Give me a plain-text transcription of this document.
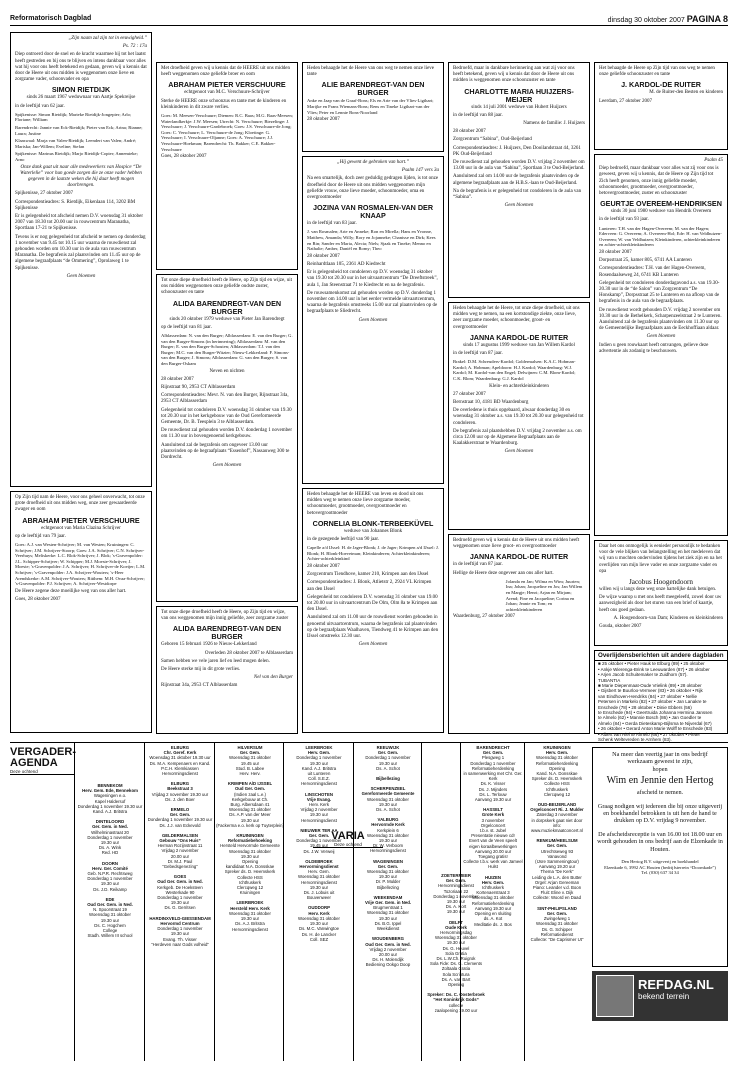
Reformatorisch Dagblad	dinsdag 30 oktober 2007 PAGINA 8

„Zijn naam zal zijn tot in eeuwigheid.”

Ps. 72 : 17a

Diep ontroerd door de snel en de kracht waarmee hij tot het laatst heeft gestreden en bij ons te blijven en intens dankbaar voor alles wat hij voor ons heeft betekend en gedaan, geven wij u kennis dat door de Heere uit ons midden is weggenomen onze lieve en zorgzame vader, schoonvader en opa

SIMON RIETDIJK

sinds 26 maart 1967 weduwnaar van Aartje Spekreijse

in de leeftijd van 62 jaar.

Spijkenisse: Simon Rietdijk; Marieke Rietdijk-Jongepier; Arlo; Floriane; William

Barendrecht: Jannie van Eck-Rietdijk; Pieter van Eck; Arina; Rianne; Laura; Justine

Klaaswaal: Marja van Valen-Rietdijk; Leendert van Valen; André; Mariska; Jan-Willem; Eveline; Stefan

Spijkenisse: Marinus Rietdijk; Marjo Rietdijk-Copier; Annemieke; Arno

Onze dank gaat uit naar alle medewerkers van Hospice “De Waterlelie” voor hun goede zorgen die ze onze vader hebben gegeven in de laatste weken die hij daar heeft mogen doorbrengen.

Spijkenisse, 27 oktober 2007

Correspondentieadres: S. Rietdijk, Eikenlaan 114, 3202 BM Spijkenisse

Er is gelegenheid tot afscheid nemen D.V. woensdag 31 oktober 2007 van 18.30 tot 20.00 uur in rouwcentrum Maranatha, Sportlaan 17-21 te Spijkenisse.

Tevens is er nog gelegenheid tot afscheid te nemen op donderdag 1 november van 9.45 tot 10.15 uur waarna de rouwdienst zal gehouden worden om 10.30 uur in de aula van rouwcentrum Maranatha. De begrafenis zal plaatsvinden om 11.45 uur op de algemene begraafplaats “de Ommering”, Oprolaweg 1 te Spijkenisse.

Geen bloemen

Op Zijn tijd nam de Heere, voor ons geheel onverwacht, tot onze grote droefheid uit ons midden weg, onze zeer gewaardeerde zwager en oom

ABRAHAM PIETER VERSCHUURE

echtgenoot van Maria Clazina Schrijver

op de leeftijd van 79 jaar.

Goes: A.J. van Westen-Schrijver; M. van Westen; Kruiningen: C. Schrijver; J.M. Schrijver-Stoorp; Goes: J.A. Schrijver; C.N. Schrijver-Veerhuys; Meliskerke: L.C. Blok-Schrijver; J. Blok; 's-Gravenpolder: J.L. Schipper-Schrijver; W. Schipper; M.J. Moeste-Schrijver; J. Moeste; 's-Gravenpolder: J.A. Schrijver; H. Schrijver-de Koeijer; L.M. Schrijver; 's-Gravenpolder: J.A. Schrijver-Wouters; 's-Heer Arendskerke: A.M. Schrijver-Wouters; Ritthem: M.H. Ovaa-Schrijver; 's-Gravenpolder: P.J. Schrijver; A. Schrijver-Westdorpe

De Heere zegene deze moeilijke weg van ons aller hart.

Goes, 28 oktober 2007

Met droefheid geven wij u kennis dat de HEERE uit ons midden heeft weggenomen onze geliefde broer en oom

ABRAHAM PIETER VERSCHUURE

echtgenoot van M.C. Verschuure-Schrijver

Sterke de HEERE onze schoonzus en tante met de kinderen en kleinkinderen in dit zware verlies.

Goes: M. Meesen-Verschuure; Diemen: R.C. Baas; M.G. Baas-Meesen; Waterlandkerkje: J.W. Meesen; Utrecht: N. Verschuure; Biezelinge: J. Verschuure; J. Verschuure-Gardebroek; Goes: J.S. Verschuure-de Jong; Goes: C. Verschuure; L. Verschuure-de Jong; Kloetinge: G. Verschuure; I. Verschuure-Oljanne; Goes: A. Verschuure; J.J. Verschuure-Hoekman; Barendrecht: Th. Bakker; C.E. Bakker-Verschuure

Goes, 28 oktober 2007

Tot onze diepe droefheid heeft de Heere, op Zijn tijd en wijze, uit ons midden weggenomen onze geliefde oudste zuster, schoonzuster en tante

ALIDA BARENDREGT-VAN DEN BURGER

sinds 20 oktober 1979 weduwe van Pieter Jan Barendregt

op de leeftijd van 81 jaar.

Alblasserdam: N. van den Burger; Alblasserdam: E. van den Burger; G. van den Burger-Simons (in herinnering); Alblasserdam: M. van den Burger; E. van den Burger-Schouten; Alblasserdam: T.J. van den Burger; M.C. van den Burger-Witzier; Nieuw-Lekkerland: F. Simons-van den Burger; J. Simons; Alblasserdam: G. van den Burger; S. van den Burger-Oskam

Neven en nichten

28 oktober 2007

Rijnstraat 90, 2953 CT Alblasserdam

Correspondentieadres: Mevr. N. van den Burger, Rijnstraat 34a, 2953 CT Alblasserdam

Gelegenheid tot condoleren D.V. woensdag 31 oktober van 19.30 tot 20.30 uur in het kerkgebouw van de Oud Gereformeerde Gemeente, Dr. B. Teesplein 3 te Alblasserdam.

De rouwdienst zal gehouden worden D.V. donderdag 1 november om 11.30 uur in bovengenoemd kerkgebouw.

Aansluitend zal de begrafenis om ongeveer 13.00 uur plaatsvinden op de begraafplaats “Essenhof”, Nassauweg 300 te Dordrecht.

Geen bloemen

Tot onze diepe droefheid heeft de Heere, op Zijn tijd en wijze, van ons weggenomen mijn innig geliefde, zeer zorgzame zuster

ALIDA BARENDREGT-VAN DEN BURGER

Geboren 15 februari 1926 te Nieuw-Lekkerland

Overleden 28 oktober 2007 te Alblasserdam

Samen hebben we vele jaren lief en leed mogen delen.

De Heere sterke mij in dit grote verlies.

Nel van den Burger

Rijnstraat 34a, 2953 CT Alblasserdam

Heden behaagde het de Heere van ons weg te nemen onze lieve tante

ALIE BARENDREGT-VAN DEN BURGER

Anke en Jaap van de Graaf-Bons; Els en Arie van der Vlies-Ligthart; Marijke en Frans Wiemans-Bons; Rens en Tineke Ligthart-van der Vlies; Peter en Lennie Bons-Noorland

28 oktober 2007

„Hij gewent de gebroken van hart.”

Psalm 147 vers 3a

Na een smartelijk, doch zeer geduldig gedragen lijden, is tot onze droefheid door de Heere uit ons midden weggenomen mijn geliefde vrouw, onze lieve moeder, schoonmoeder, oma en overgrootmoeder

JOZINA VAN ROSMALEN-VAN DER KNAAP

in de leeftijd van 83 jaar.

J. van Rosmalen; Arie en Anneke; Ron en Mirella; Hans en Yvonne, Matthew, Amanda; Willy; Rory en Jojanneke; Chanisse en Dirk; Kees en Rin; Sander en Maria, Alecia; Niels; Sjaak en Tineke; Menno en Nathalie; Amber, Daniël en Romy; Theo

28 oktober 2007

Reinhardtlaan 105, 2361 AD Kiedrecht

Er is gelegenheid tot condoleren op D.V. woensdag 31 oktober van 19.30 tot 20.30 uur in het uitvaartcentrum “De Dreeftstreek”, aula 1, Jan Steenstraat 71 te Kiedrecht en na de begrafenis.

De rouwsamenkomst zal gehouden worden op D.V. donderdag 1 november om 14.00 uur in het eerder vermelde uitvaartcentrum, waarna de begrafenis omstreeks 15.00 uur zal plaatsvinden op de begraafplaats te Sliedrecht.

Geen bloemen

Heden behaagde het de HEERE van leven en dood uit ons midden weg te nemen onze lieve zorgzame moeder, schoonmoeder, grootmoeder, overgrootmoeder en betovergrootmoeder

CORNELIA BLONK-TERBEEKÜVEL

weduwe van Johannes Blonk

in de gezegende leeftijd van 90 jaar.

Capelle a/d IJssel: H. de Jager-Blonk; J. de Jager; Krimpen a/d IJssel: J. Blonk; H. Blonk-Hoeveiman; Kleinkinderen; Achterkleinkinderen; Achter-achterkleinkind

28 oktober 2007

Zorgcentrum Tiendhove, kamer 210, Krimpen aan den IJssel

Correspondentieadres: J. Blonk, Atlietstr 2, 2924 VL Krimpen aan den IJssel

Gelegenheid tot condoleren D.V. woensdag 31 oktober van 19.00 tot 20.00 uur in uitvaartcentrum De Olm, Olm 8a te Krimpen aan den IJssel.

Aansluitend zal om 11.00 uur de rouwdienst worden gehouden in genoemd uitvaartcentrum, waarna de begrafenis zal plaatsvinden op de begraafplaats Waalhaven, Tiendweg 41 te Krimpen aan den IJssel omstreeks 12.30 uur.

Geen bloemen

Bedroefd, maar in dankbare herinnering aan wat zij voor ons heeft betekend, geven wij u kennis dat door de Heere uit ons midden is weggenomen onze schoonzuster en tante

CHARLOTTE MARIA HUIJZERS-MEIJER

sinds 14 juli 2001 weduwe van Hubert Huijzers

in de leeftijd van 88 jaar.

Namens de familie: J. Huijzers

28 oktober 2007

Zorgcentrum “Sabina”, Oud-Beijerland

Correspondentieadres: J. Huijzers, Den Dooilandstraat 44, 3261 PK Oud-Beijerland

De rouwdienst zal gehouden worden D.V. vrijdag 2 november om 13.00 uur in de aula van “Sabina”, Sportlaan 3 te Oud-Beijerland.

Aansluitend zal om 14.00 uur de begrafenis plaatsvinden op de algemene begraafplaats aan de H.B.S.-laan te Oud-Beijerland.

Na de begrafenis is er gelegenheid tot condoleren in de aula van “Sabina”.

Geen bloemen

Heden behaagde het de Heere, tot onze diepe droefheid, uit ons midden weg te nemen, na een kortstondige ziekte, onze lieve, zeer zorgzame moeder, schoonmoeder, groot- en overgrootmoeder

JANNA KARDOL-DE RUITER

sinds 17 augustus 1999 weduwe van Jan Willem Kardol

in de leeftijd van 87 jaar.

Brakel: D.M. Schreuders-Kardol; Goldermalsen: K.A.C. Hobman-Kardol; A. Hobman; Apeldoorn: H.J. Kardol; Waardenburg: W.J. Kardol; M. Kardol-van den Engel; Delwijnen: C.M. Blom-Kardol; C.K. Blom; Waardenburg: G.J. Kardol

Klein- en achterkleinkinderen

27 oktober 2007

Bernstraat 10, 4181 BD Waardenburg

De overledene is thuis opgebaard, alwaar donderdag 30 en woensdag 31 oktober a.s. van 19.30 tot 20.30 uur gelegenheid tot condoleren.

De begrafenis zal plaatshebben D.V. vrijdag 2 november a.s. om circa 12.00 uur op de Algemene Begraafplaats aan de Kaalakkerstraat te Waardenburg.

Geen bloemen

Bedroefd geven wij u kennis dat de Heere uit ons midden heeft weggenomen onze lieve groot- en overgrootmoeder

JANNA KARDOL-DE RUITER

in de leeftijd van 87 jaar.

Hellige de Heere deze ongeveer aan ons aller hart.

Jolanda en Jan; Wilma en Wim; Juurien; Ina; Johan; Jacqueline en Jos; Jan Willem en Margje; Henri; Arjan en Mirjam; Arend; Fine en Jacqueline; Corina en Johan; Jeanie en Tom; en achterkleinkinderen

Waardenburg, 27 oktober 2007

Het behaagde de Heere op Zijn tijd van ons weg te nemen onze geliefde schoonzuster en tante

J. KARDOL-DE RUITER

M. de Ruiter-den Besten en kinderen

Leerdam, 27 oktober 2007

Psalm 45

Diep bedroefd, maar dankbaar voor alles wat zij voor ons is geweest, geven wij u kennis, dat de Heere op Zijn tijd tot Zich heeft genomen, onze innig geliefde moeder, schoonmoeder, grootmoeder, overgrootmoeder, betovergrootmoeder, zuster en schoonzuster

GEURTJE OVEREEM-HENDRIKSEN

sinds 30 juni 1980 weduwe van Hendrik Overeem

in de leeftijd van 93 jaar.

Lunteren: T.H. van der Hagen-Overeem; M. van der Hagen; Ederveen: G. Overeem; A. Overeem-Hol; Ede: H. van Veldhuizen-Overeem; W. van Veldhuizen; Kleinkinderen, achterkleinkinderen en achter-achterkleinkinderen

28 oktober 2007

Dorpsstraat 25, kamer 805, 6741 AA Lunteren

Correspondentieadres: T.H. van der Hagen-Overeem, Rosendaalseweg 24, 6741 KB Lunteren

Gelegenheid tot condoleren donderdagavond a.s. van 19.30-20.30 uur in de “de Salon” van Zorgcentrum “De Honskamp”, Dorpsstraat 25 te Lunteren en na afloop van de begrafenis in de aula van de begraafplaats.

De rouwdienst wordt gehouden D.V. vrijdag 2 november om 10.30 uur in de Bethelkerk, Scharpenzeelstraat 2 te Lunteren. Aansluitend zal de begrafenis plaatsvinden om 11.30 uur op de Gemeentelijke Begraafplaats aan de Eeckhoffiaan aldaar.

Geen bloemen

Indien u geen rouwkaart heeft ontvangen, gelieve deze advertentie als zodanig te beschouwen.

Daar het ons onmogelijk is eenieder persoonlijk te bedanken voor de vele blijken van belangstelling en het medeleven dat wij van u mochten ondervinden tijdens het ziek zijn en na het overlijden van mijn lieve vader en onze zorgzame vader en opa

Jacobus Hoogendoorn

willen wij u langs deze weg onze hartelijke dank betuigen.

De wijze waarop u met ons heeft meegeleefd, zowel door uw aanwezigheid als door het sturen van een brief of kaartje, heeft ons goed gedaan.

A. Hoogendoorn-van Dam; Kinderen en kleinkinderen

Gouda, oktober 2007

Overlijdensberichten uit andere dagbladen
■ 25 oktober • Pieter Hauk te Elburg (89) • 25 oktober
• Ankje Wierenga-Brink te Leeuwarden (87) • 26 oktober
• Arjen Jacob Schuitemaker te Zuidhorn (57).
TUBANTIA
■ Marie Diepenmaat-Oude Vrielink (89) • 28 oktober
• Gijsbert te Buurloo-Vermeer (83) • 26 oktober • Rijk
van Eindhoven-Hendriks (84) • 27 oktober • Nellie
Petersen in Markelo (82) • 27 oktober • Jan Lanakre te
Enschede (78) • 28 oktober • Dinie Ebbers (56)
te Enschede (94) • Geertruida Johanna Hermina Janssen
te Almelo (62) • Mannie Bosch (86) • Jan Goedler te
Almelo (84) • Gerda Dieteskamp-Bijlsma te Nijverdal (67)
• 26 oktober • Gerard Anton Marie Wolff te Enschede (83)
• Albert van Riel te Almelo (66) • 27 oktober • Pieter
Schenk Weltevreden te Arnhem (83).
VERGADER-AGENDA
Deze ochtend
BENNEKOM
Herv. Gem. Ede, Bennekom
Wageningen e.o.
Kapel Haldersof
Donderdag 1 november 19.30 uur
Kand. A.J. Britstra
DINTELOORD
Ger. Gem. in Ned.
Wilhelminastraat 20
Donderdag 1 november
19.30 uur
Ds. A. Wink
Red. HD
DOORN
Herv. Ger. Comité
Geb. N.P.R. Rechtsweg
Donderdag 1 november
19.30 uur
Ds. J.D. Reikamp
EDE
Oud Ger. Gem. in Ned.
N. Spoorstraat 19
Woensdag 31 oktober
19.30 uur
Ds. C. Hogchem
College
Stadh. Willem III school
ELBURG
Chr. Geref. Kerk
Woensdag 31 oktober 19.30 uur
Ds. M.A. Kempenaers en Kand. P.C.H. Klemkiassen
Hervormingsdienst
ELBURG
Beekstraat 3
Vrijdag 2 november 19.30 uur
Ds. J. den Boer
ERMELO
Ger. Gem.
Donderdag 1 november 19.30 uur
Ds. J.J. van Eckevold
GELDERMALSEN
Gebouw “Ons Huis”
Herman Rozijnstraat 11
Vrijdag 2 november
20.00 uur
Dr. M.J. Paul
“Gebedsgenezing”
GOES
Oud Ger. Gem. in Ned.
Kerkgeb. De Hoeksteen
Westerkade 90
Donderdag 1 november
19.30 uur
Ds. G. Gerritsen
HARDINXVELD-GIESSENDAM
Hervormd Centrum
Donderdag 1 november
19.30 uur
Evang. Th. Visser
“Herdeven naar Gods volheid”
HILVERSUM
Ger. Gem.
Woensdag 31 oktober
19.45 uur
Stud. B. Labee
Herv. Herv.
KRIMPEN A/D IJSSEL
Oud Ger. Gem.
(Indien zaal L.e.)
Kerkgebouw at Ch.
Burg. Albersdaan 41
Woensdag 31 oktober
Ds. A.P. van der Meer
19.30 uur
(Fackerma e.o. kerk op Tuyterplein)
KRUININGEN
Reformatiebehoeking
Hersteld Hervormde Gemeente
Woensdag 31 oktober
19.30 uur
Opening
kandidaat N.A. Donsskae
Spreker ds. D. Heemskerk
Collecte HSS
Ichthuskerk
Clercqweg 12
Kruiningen
LEERBROEK
Hersteld Herv. Kerk
Woensdag 31 oktober
19.30 uur
Ds. A.J. Britstra
Hervormingsdienst
LEERBROEK
Herv. Gem.
Donderdag 1 november
19.30 uur
Kand. A.J. Britstra
uit Lunteren
Coll. S.E.Z.
Hervormingsdienst
LINSCHOTEN
Vrije Evang.
Herv. Kerk
Vrijdag 2 november
19.30 uur
Hervormingsdienst
NIEUWER TER AA
Ger. Gem.
Donderdag 1 november
19.45 uur
Ds. J.W. Verweij
OLDEBROEK
Hervormingsdienst
Herv. Gem.
Woensdag 31 oktober
Hervormingsdienst
19.30 uur
Ds. J. Lobuis uit
Bouvenweer
OUDDORP
Herv. Kerk
Woensdag 31 oktober
19.30 uur
Ds. M.C. Vanwingtoe
Ds. H. de Lancker
Coll. SEZ
REEUWIJK
Ger. Gem.
Donderdag 1 november
19.30 uur
Ds. A. Schot
Bijbellezing
SCHERPENZEEL
Gereformeerde Gemeente
Woensdag 31 oktober
19.30 uur
Ds. A. Schot
VALBURG
Hervormde Kerk
Kerkplein 6
Woensdag 31 oktober
19.30 uur
Dr. W. Verboom
Hervormingsdienst
WAGENINGEN
Ger. Gem.
Woensdag 31 oktober
19.30 uur
Dr. P. Mulder
Bijbellezing
WEEKENDAM
Vrije Ger. Gem. in Ned.
Brugmentraat 1
Woensdag 31 oktober
19.30 uur
Ds. B.G. Ippel
Weekdienst
WOUDENBERG
Oud Ger. Gem. in Ned.
Vrijdag 2 november
20.00 uur
Ds. H. Molendijk
Bediening Ookgo Doop
ZOETERMEER
Ger. Gem.
Hervormingsdienst
Tozoriaan 22
Donderdag 1 november
19.30 uur
Ds. A. Kort
19.30 uur
DELFT
Oude Kerk
Hervormingsdag
Woensdag 31 oktober
19.30 uur
Ds. G. Heuvel
Sola Gratia
Ds. L.W.Ch. Ruigrok
Sola Fide: Ds. G. Clements
Zoltaala Gratia
Sola Scriptura
Ds. A. van Bart
Opening
Spreker: Ds. C. Oosterbroek
“Het Koninkrijk Gods”
collecte
zaalopening 19.00 uur
BARENDRECHT
Ger. Gem.
Plesgweg 1
Donderdag 1 november
Reformatieherdenking
in samenwerking met Chr. Ger. Kerk
Ds. K. Visser
Ds. J. Mijnders
Ds. L. Terlouw
Aanvang 19.30 uur
HASSELT
Grote Kerk
3 november
Orgelconcert
t.b.v. st. Jubel
Presentatie nieuwe cd!
Evert van de Veen speelt
eigen koraalbewerkingen
Aanvang 20.00 uur
Toegang gratis!
Collecte t.b.v. werk van Jameel Hulst
HUIZEN
Herv. Gem.
Ichthuskerk
Kortenaerstraat 3
Woensdag 31 oktober
Reformatieherdenking
Aanvang 19.30 uur
Opening en sluiting
ds. A. Kot
Meditatie ds. J. Bos
KRUININGEN
Herv. Gem.
Woensdag 31 oktober
Reformatieherdenking
Opening
Kand. N.A. Donsskae
Spreker ds. D. Heemskerk
Collecte HSS
Ichthuskerk
Clercqweg 12
OUD-BEIJERLAND
Orgelconcert Ri. J. Mulder
Zaterdag 3 november
in dorpskerk gaat niet door
info:
www.muziekmaatconcert.nl
RENKUM/HEELSUM
Ger. Gem.
Utrechtseweg 93
Vanavond
(IJsre Sammeningtour)
Aanvang 19.20 uur
Thema “De Kerk”
Leiding de L.A. den Butter
Orgel: Arjan Gereeman
Piano: Leander v.d. Boon
Fluit: Eline v. Dijk
Collecte: Woord en Daad
SINT-PHILIPSLAND
Ger. Gem.
Zwingelweg 1
Woensdag 31 oktober
Ds. G. Schipper
Reformatiedienst
Collecte: “De Caprismer Ut”
VARIA
Deze ochtend
Na meer dan veertig jaar in ons bedrijf
werkzaam geweest te zijn,
hopen
Wim en Jennie den Hertog
afscheid te nemen.

Graag nodigen wij iedereen die bij onze uitgeverij en boekhandel betrokken is uit hen de hand te drukken op D.V. vrijdag 9 november.

De afscheidsreceptie is van 16.00 tot 18.00 uur en wordt gehouden in ons bedrijf aan de Elzenkade in Houten.

Den Hertog B.V. uitgeverij en boekhandel

Elzenkade 6, 3992 AC Houten (bedrijfsterrein “Doornkade”)

Tel. (030) 637 34 34

REFDAG.NL
bekend terrein
